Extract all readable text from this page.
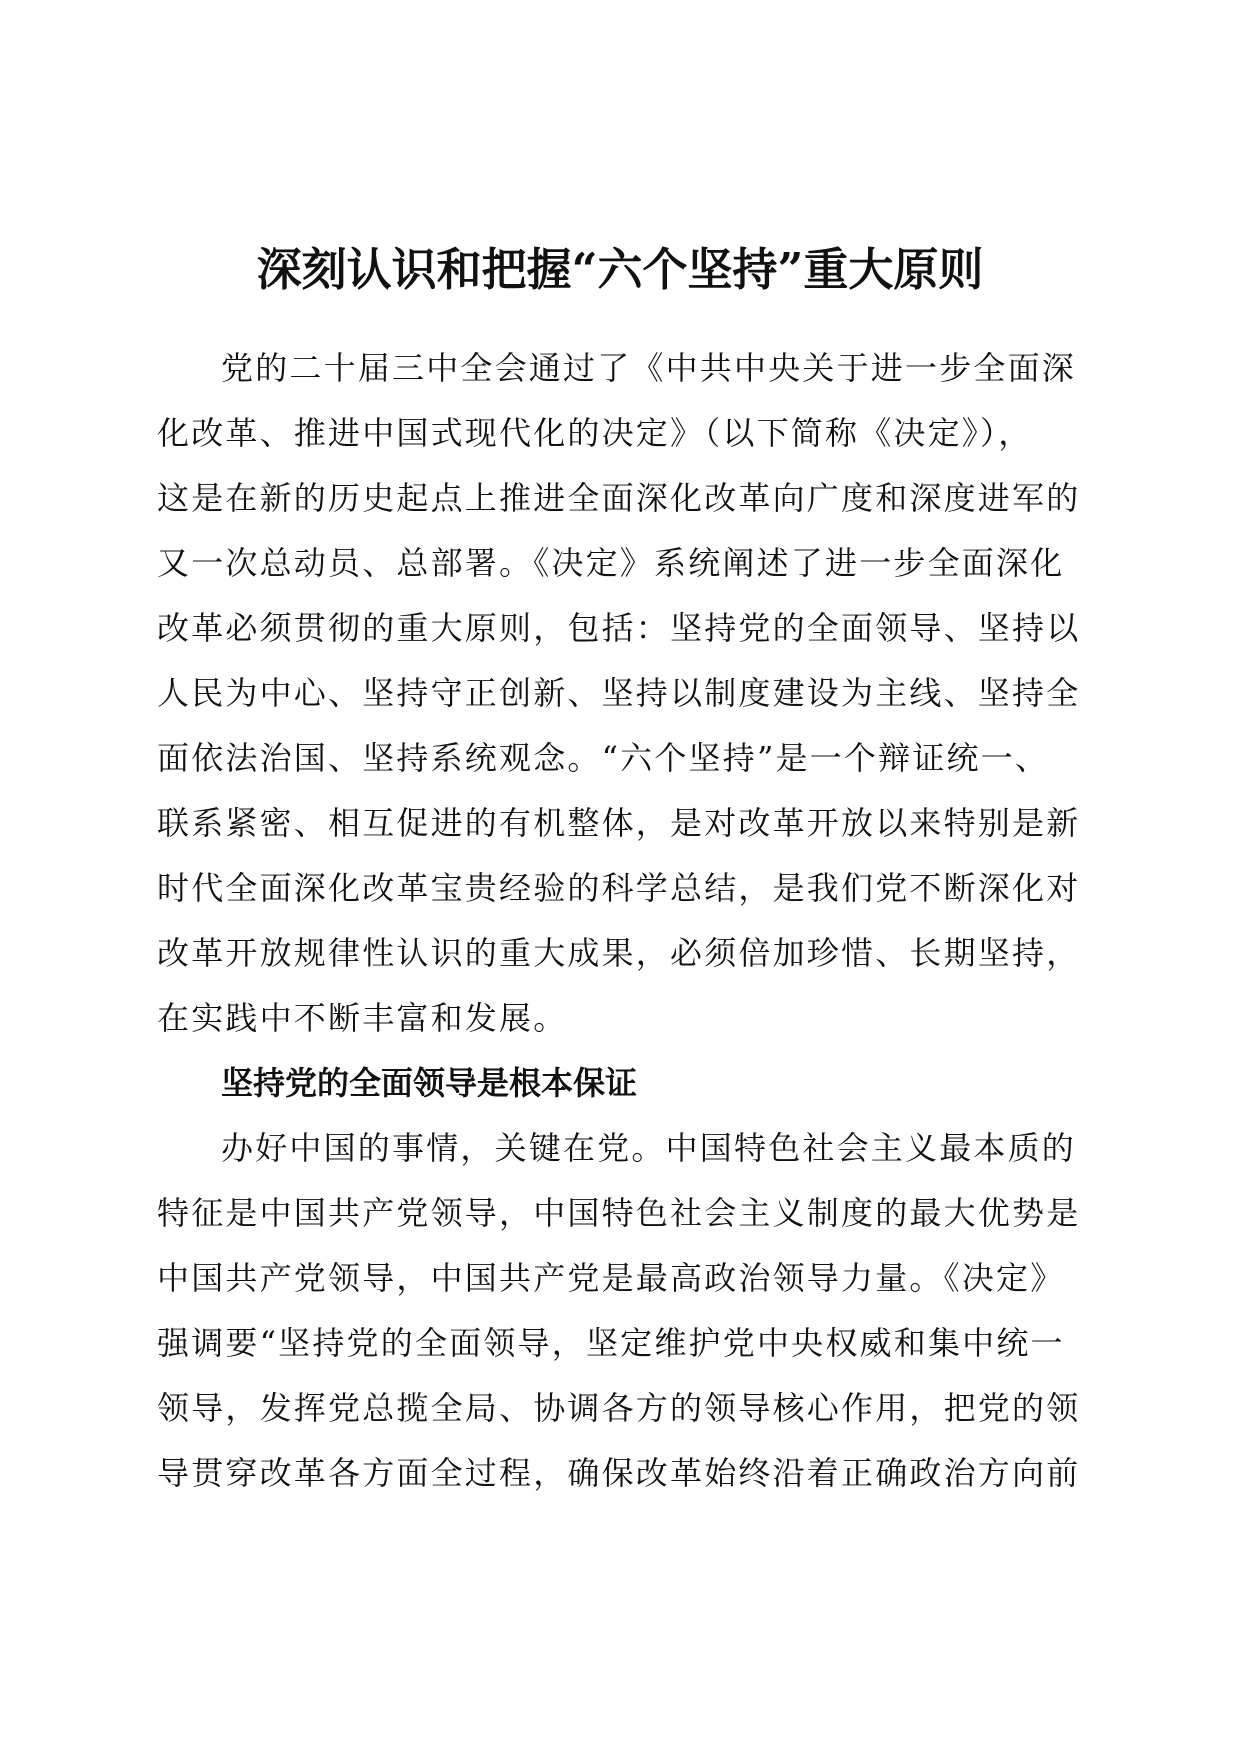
深刻认识和把握“六个坚持”重大原则
党的二十届三中全会通过了《中共中央关于进一步全面深
化改革、推进中国式现代化的决定》（以下简称《决定》），
这是在新的历史起点上推进全面深化改革向广度和深度进军的
又一次总动员、总部署。《决定》系统阐述了进一步全面深化
改革必须贯彻的重大原则，包括：坚持党的全面领导、坚持以
人民为中心、坚持守正创新、坚持以制度建设为主线、坚持全
面依法治国、坚持系统观念。“六个坚持”是一个辩证统一、
联系紧密、相互促进的有机整体，是对改革开放以来特别是新
时代全面深化改革宝贵经验的科学总结，是我们党不断深化对
改革开放规律性认识的重大成果，必须倍加珍惜、长期坚持，
在实践中不断丰富和发展。
坚持党的全面领导是根本保证
办好中国的事情，关键在党。中国特色社会主义最本质的
特征是中国共产党领导，中国特色社会主义制度的最大优势是
中国共产党领导，中国共产党是最高政治领导力量。《决定》
强调要“坚持党的全面领导，坚定维护党中央权威和集中统一
领导，发挥党总揽全局、协调各方的领导核心作用，把党的领
导贯穿改革各方面全过程，确保改革始终沿着正确政治方向前
